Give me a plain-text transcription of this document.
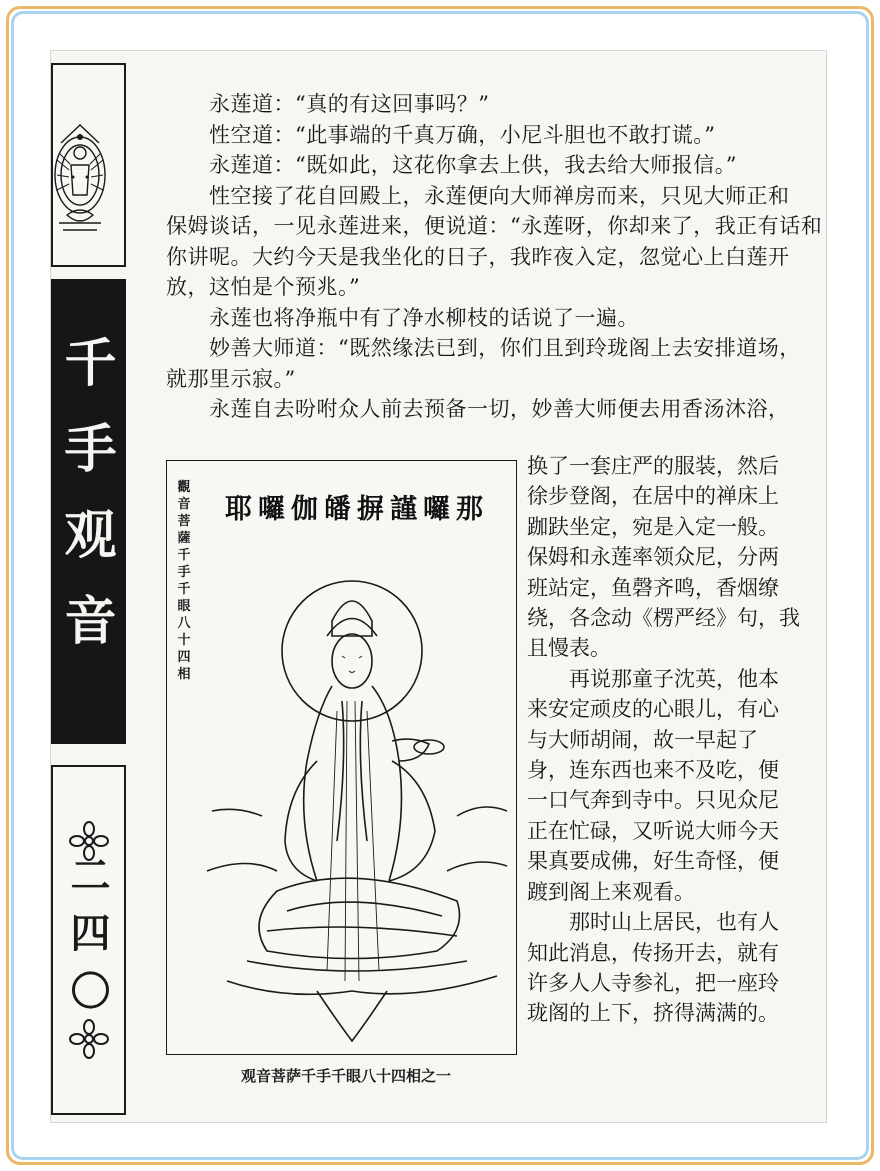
千
手
观
音
二
四
〇
　　永莲道：“真的有这回事吗？”
　　性空道：“此事端的千真万确，小尼斗胆也不敢打谎。”
　　永莲道：“既如此，这花你拿去上供，我去给大师报信。”
　　性空接了花自回殿上，永莲便向大师禅房而来，只见大师正和
保姆谈话，一见永莲进来，便说道：“永莲呀，你却来了，我正有话和
你讲呢。大约今天是我坐化的日子，我昨夜入定，忽觉心上白莲开
放，这怕是个预兆。”
　　永莲也将净瓶中有了净水柳枝的话说了一遍。
　　妙善大师道：“既然缘法已到，你们且到玲珑阁上去安排道场，
就那里示寂。”
　　永莲自去吩咐众人前去预备一切，妙善大师便去用香汤沐浴，
觀
音
菩
薩
千
手
千
眼
八
十
四
相
耶囉伽皤摒謹囉那
观音菩萨千手千眼八十四相之一
换了一套庄严的服装，然后
徐步登阁，在居中的禅床上
跏趺坐定，宛是入定一般。
保姆和永莲率领众尼，分两
班站定，鱼磬齐鸣，香烟缭
绕，各念动《楞严经》句，我
且慢表。
　　再说那童子沈英，他本
来安定顽皮的心眼儿，有心
与大师胡闹，故一早起了
身，连东西也来不及吃，便
一口气奔到寺中。只见众尼
正在忙碌，又听说大师今天
果真要成佛，好生奇怪，便
踱到阁上来观看。
　　那时山上居民，也有人
知此消息，传扬开去，就有
许多人人寺参礼，把一座玲
珑阁的上下，挤得满满的。
